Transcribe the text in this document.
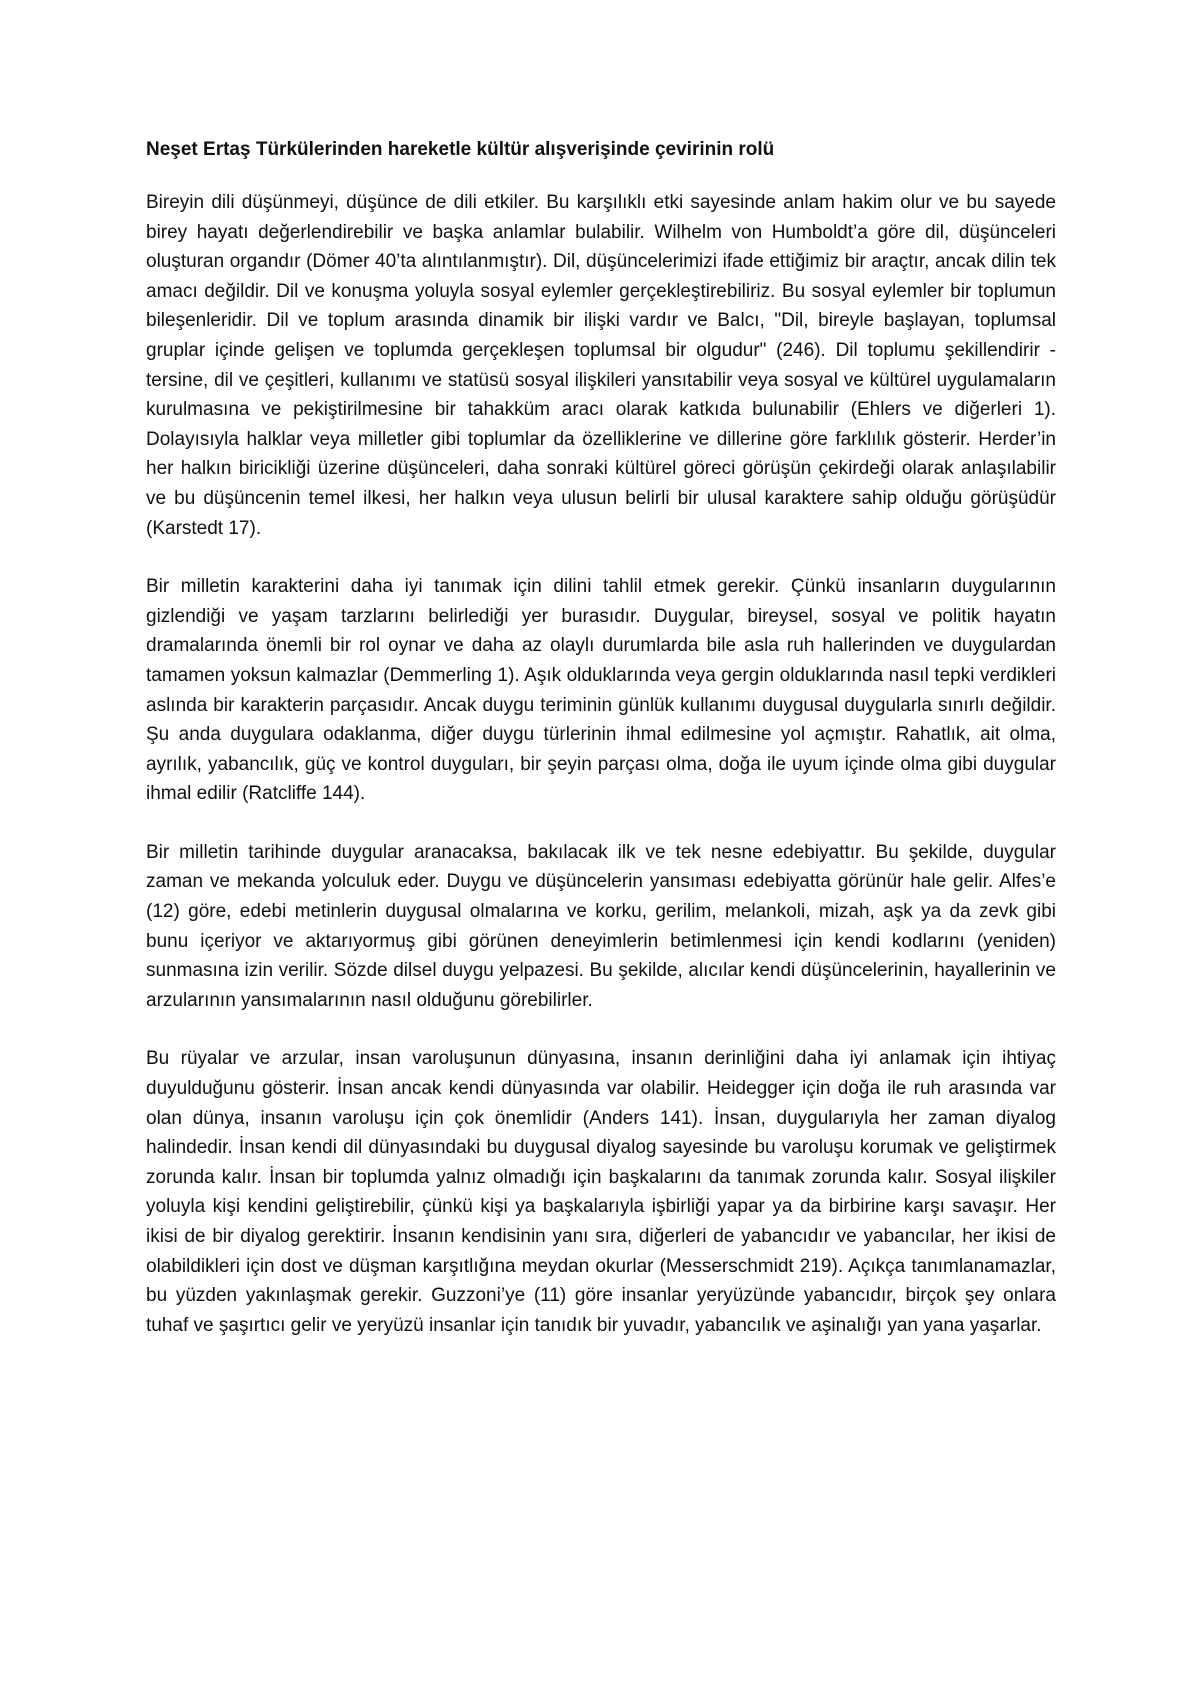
Neşet Ertaş Türkülerinden hareketle kültür alışverişinde çevirinin rolü

Bireyin dili düşünmeyi, düşünce de dili etkiler. Bu karşılıklı etki sayesinde anlam hakim olur ve bu sayede birey hayatı değerlendirebilir ve başka anlamlar bulabilir. Wilhelm von Humboldt’a göre dil, düşünceleri oluşturan organdır (Dömer 40’ta alıntılanmıştır). Dil, düşüncelerimizi ifade ettiğimiz bir araçtır, ancak dilin tek amacı değildir. Dil ve konuşma yoluyla sosyal eylemler gerçekleştirebiliriz. Bu sosyal eylemler bir toplumun bileşenleridir. Dil ve toplum arasında dinamik bir ilişki vardır ve Balcı, "Dil, bireyle başlayan, toplumsal gruplar içinde gelişen ve toplumda gerçekleşen toplumsal bir olgudur" (246). Dil toplumu şekillendirir - tersine, dil ve çeşitleri, kullanımı ve statüsü sosyal ilişkileri yansıtabilir veya sosyal ve kültürel uygulamaların kurulmasına ve pekiştirilmesine bir tahakküm aracı olarak katkıda bulunabilir (Ehlers ve diğerleri 1). Dolayısıyla halklar veya milletler gibi toplumlar da özelliklerine ve dillerine göre farklılık gösterir. Herder’in her halkın biricikliği üzerine düşünceleri, daha sonraki kültürel göreci görüşün çekirdeği olarak anlaşılabilir ve bu düşüncenin temel ilkesi, her halkın veya ulusun belirli bir ulusal karaktere sahip olduğu görüşüdür (Karstedt 17).

Bir milletin karakterini daha iyi tanımak için dilini tahlil etmek gerekir. Çünkü insanların duygularının gizlendiği ve yaşam tarzlarını belirlediği yer burasıdır. Duygular, bireysel, sosyal ve politik hayatın dramalarında önemli bir rol oynar ve daha az olaylı durumlarda bile asla ruh hallerinden ve duygulardan tamamen yoksun kalmazlar (Demmerling 1). Aşık olduklarında veya gergin olduklarında nasıl tepki verdikleri aslında bir karakterin parçasıdır. Ancak duygu teriminin günlük kullanımı duygusal duygularla sınırlı değildir. Şu anda duygulara odaklanma, diğer duygu türlerinin ihmal edilmesine yol açmıştır. Rahatlık, ait olma, ayrılık, yabancılık, güç ve kontrol duyguları, bir şeyin parçası olma, doğa ile uyum içinde olma gibi duygular ihmal edilir (Ratcliffe 144).

Bir milletin tarihinde duygular aranacaksa, bakılacak ilk ve tek nesne edebiyattır. Bu şekilde, duygular zaman ve mekanda yolculuk eder. Duygu ve düşüncelerin yansıması edebiyatta görünür hale gelir. Alfes’e (12) göre, edebi metinlerin duygusal olmalarına ve korku, gerilim, melankoli, mizah, aşk ya da zevk gibi bunu içeriyor ve aktarıyormuş gibi görünen deneyimlerin betimlenmesi için kendi kodlarını (yeniden) sunmasına izin verilir. Sözde dilsel duygu yelpazesi. Bu şekilde, alıcılar kendi düşüncelerinin, hayallerinin ve arzularının yansımalarının nasıl olduğunu görebilirler.

Bu rüyalar ve arzular, insan varoluşunun dünyasına, insanın derinliğini daha iyi anlamak için ihtiyaç duyulduğunu gösterir. İnsan ancak kendi dünyasında var olabilir. Heidegger için doğa ile ruh arasında var olan dünya, insanın varoluşu için çok önemlidir (Anders 141). İnsan, duygularıyla her zaman diyalog halindedir. İnsan kendi dil dünyasındaki bu duygusal diyalog sayesinde bu varoluşu korumak ve geliştirmek zorunda kalır. İnsan bir toplumda yalnız olmadığı için başkalarını da tanımak zorunda kalır. Sosyal ilişkiler yoluyla kişi kendini geliştirebilir, çünkü kişi ya başkalarıyla işbirliği yapar ya da birbirine karşı savaşır. Her ikisi de bir diyalog gerektirir. İnsanın kendisinin yanı sıra, diğerleri de yabancıdır ve yabancılar, her ikisi de olabildikleri için dost ve düşman karşıtlığına meydan okurlar (Messerschmidt 219). Açıkça tanımlanamazlar, bu yüzden yakınlaşmak gerekir. Guzzoni’ye (11) göre insanlar yeryüzünde yabancıdır, birçok şey onlara tuhaf ve şaşırtıcı gelir ve yeryüzü insanlar için tanıdık bir yuvadır, yabancılık ve aşinalığı yan yana yaşarlar.
